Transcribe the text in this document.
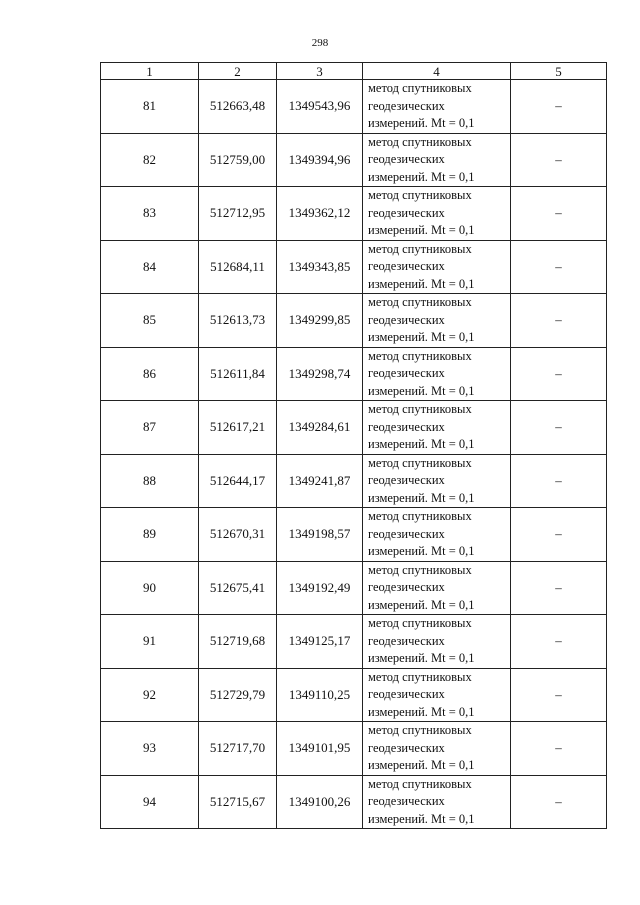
298
1	2	3	4	5
81	512663,48	1349543,96	метод спутниковых
геодезических
измерений. Mt = 0,1	–
82	512759,00	1349394,96	метод спутниковых
геодезических
измерений. Mt = 0,1	–
83	512712,95	1349362,12	метод спутниковых
геодезических
измерений. Mt = 0,1	–
84	512684,11	1349343,85	метод спутниковых
геодезических
измерений. Mt = 0,1	–
85	512613,73	1349299,85	метод спутниковых
геодезических
измерений. Mt = 0,1	–
86	512611,84	1349298,74	метод спутниковых
геодезических
измерений. Mt = 0,1	–
87	512617,21	1349284,61	метод спутниковых
геодезических
измерений. Mt = 0,1	–
88	512644,17	1349241,87	метод спутниковых
геодезических
измерений. Mt = 0,1	–
89	512670,31	1349198,57	метод спутниковых
геодезических
измерений. Mt = 0,1	–
90	512675,41	1349192,49	метод спутниковых
геодезических
измерений. Mt = 0,1	–
91	512719,68	1349125,17	метод спутниковых
геодезических
измерений. Mt = 0,1	–
92	512729,79	1349110,25	метод спутниковых
геодезических
измерений. Mt = 0,1	–
93	512717,70	1349101,95	метод спутниковых
геодезических
измерений. Mt = 0,1	–
94	512715,67	1349100,26	метод спутниковых
геодезических
измерений. Mt = 0,1	–
